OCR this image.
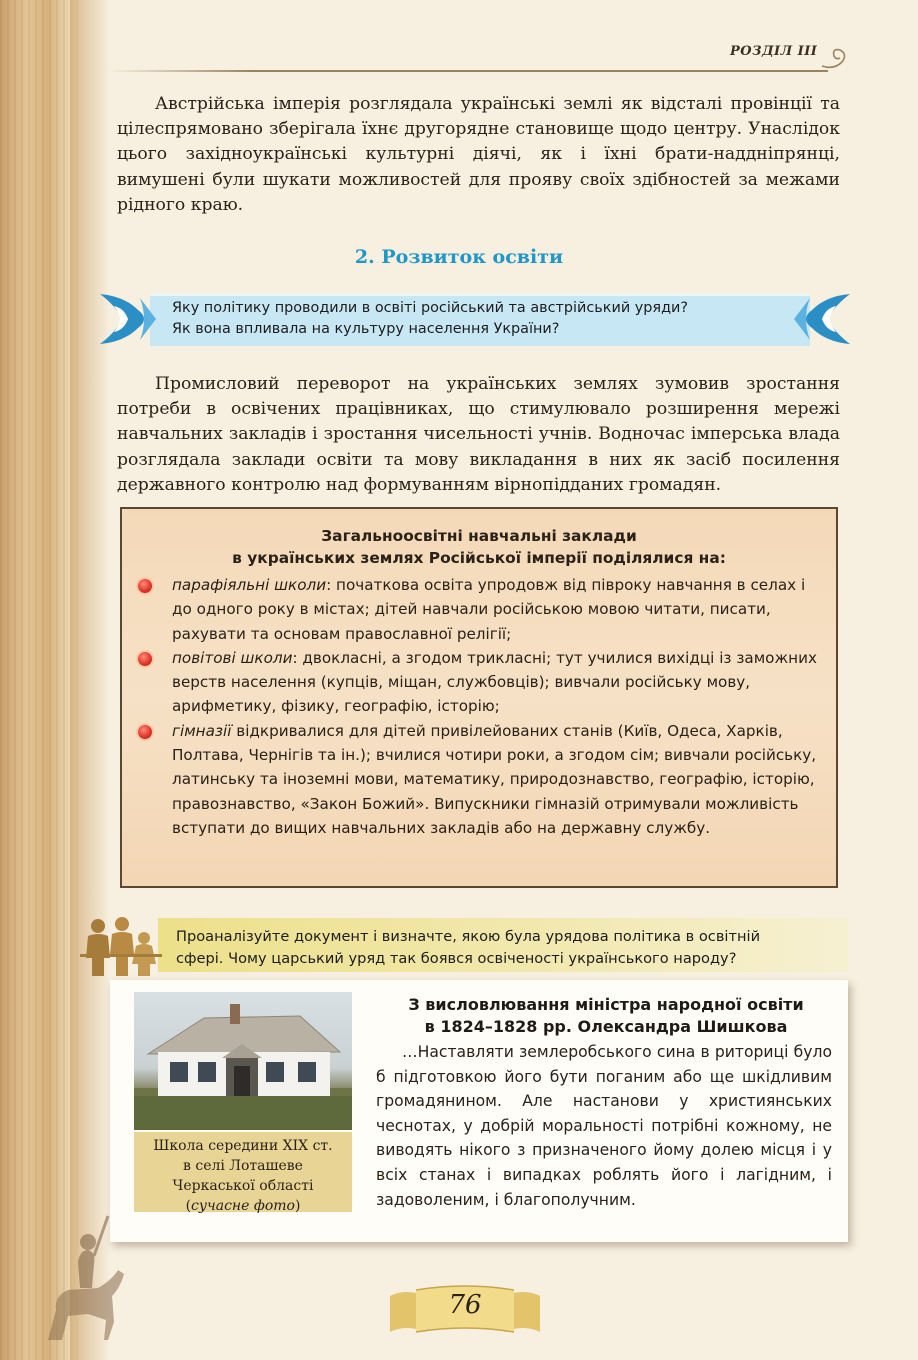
РОЗДІЛ III

Австрійська імперія розглядала українські землі як відсталі провінції та цілеспрямовано зберігала їхнє другорядне становище щодо центру. Унаслідок цього західноукраїнські культурні діячі, як і їхні брати-наддніпрянці, вимушені були шукати можливостей для прояву своїх здібностей за межами рідного краю.

2. Розвиток освіти
Яку політику проводили в освіті російський та австрійський уряди?
Як вона впливала на культуру населення України?

Промисловий переворот на українських землях зумовив зростання потреби в освічених працівниках, що стимулювало розширення мережі навчальних закладів і зростання чисельності учнів. Водночас імперська влада розглядала заклади освіти та мову викладання в них як засіб посилення державного контролю над формуванням вірнопідданих громадян.

Загальноосвітні навчальні заклади
в українських землях Російської імперії поділялися на:
парафіяльні школи: початкова освіта упродовж від півроку навчання в селах і до одного року в містах; дітей навчали російською мовою читати, писати, рахувати та основам православної релігії;
повітові школи: двокласні, а згодом трикласні; тут училися вихідці із заможних верств населення (купців, міщан, службовців); вивчали російську мову, арифметику, фізику, географію, історію;
гімназії відкривалися для дітей привілейованих станів (Київ, Одеса, Харків, Полтава, Чернігів та ін.); вчилися чотири роки, а згодом сім; вивчали російську, латинську та іноземні мови, математику, природознавство, географію, історію, правознавство, «Закон Божий». Випускники гімназій отримували можливість вступати до вищих навчальних закладів або на державну службу.
Проаналізуйте документ і визначте, якою була урядова політика в освітній
сфері. Чому царський уряд так боявся освіченості українського народу?
Школа середини XIX ст.
в селі Лоташеве
Черкаської області
(сучасне фото)
З висловлювання міністра народної освіти
в 1824–1828 рр. Олександра Шишкова

…Наставляти землеробського сина в риториці було б підготовкою його бути поганим або ще шкідливим громадянином. Але настанови у християнських чеснотах, у добрій моральності потрібні кожному, не виводять нікого з призначеного йому долею місця і у всіх станах і випадках роблять його і лагідним, і задоволеним, і благополучним.

76
